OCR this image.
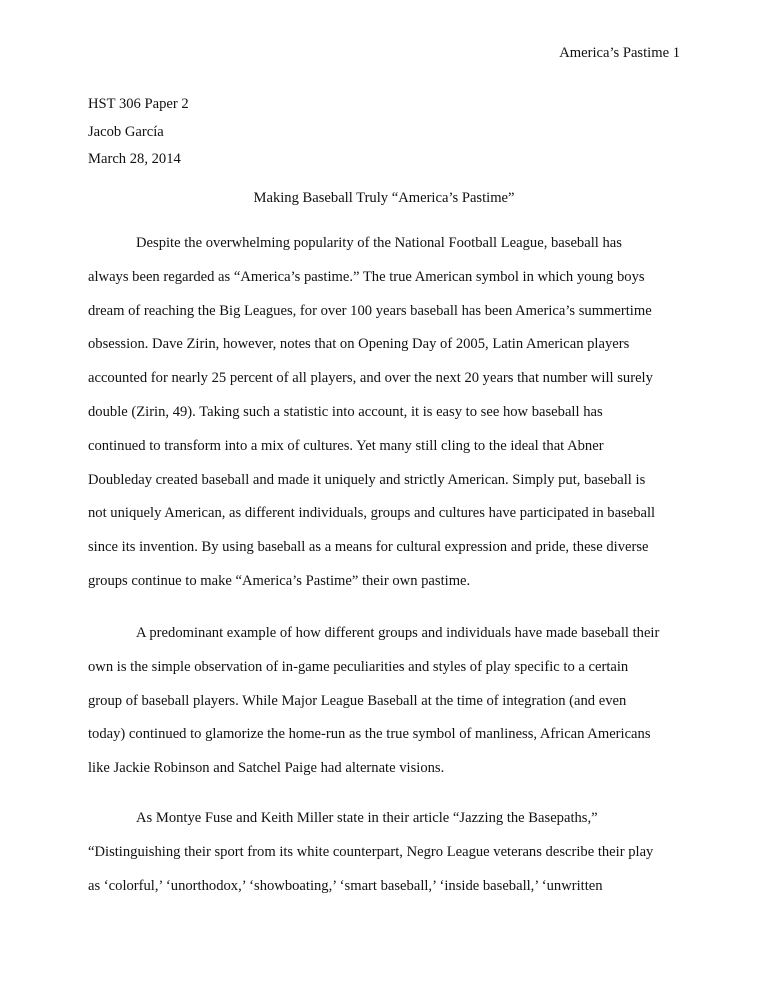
America’s Pastime 1
HST 306 Paper 2
Jacob García
March 28, 2014
Making Baseball Truly “America’s Pastime”
Despite the overwhelming popularity of the National Football League, baseball has
always been regarded as “America’s pastime.” The true American symbol in which young boys
dream of reaching the Big Leagues, for over 100 years baseball has been America’s summertime
obsession. Dave Zirin, however, notes that on Opening Day of 2005, Latin American players
accounted for nearly 25 percent of all players, and over the next 20 years that number will surely
double (Zirin, 49). Taking such a statistic into account, it is easy to see how baseball has
continued to transform into a mix of cultures. Yet many still cling to the ideal that Abner
Doubleday created baseball and made it uniquely and strictly American. Simply put, baseball is
not uniquely American, as different individuals, groups and cultures have participated in baseball
since its invention. By using baseball as a means for cultural expression and pride, these diverse
groups continue to make “America’s Pastime” their own pastime.
A predominant example of how different groups and individuals have made baseball their
own is the simple observation of in-game peculiarities and styles of play specific to a certain
group of baseball players. While Major League Baseball at the time of integration (and even
today) continued to glamorize the home-run as the true symbol of manliness, African Americans
like Jackie Robinson and Satchel Paige had alternate visions.
As Montye Fuse and Keith Miller state in their article “Jazzing the Basepaths,”
“Distinguishing their sport from its white counterpart, Negro League veterans describe their play
as ‘colorful,’ ‘unorthodox,’ ‘showboating,’ ‘smart baseball,’ ‘inside baseball,’ ‘unwritten
